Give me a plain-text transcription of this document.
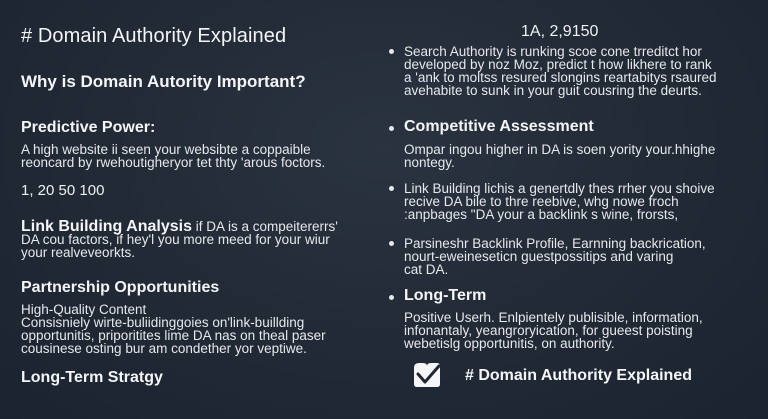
# Domain Authority Explained
Why is Domain Autority Important?
Predictive Power:
A high website ii seen your websibte a coppaible
reoncard by rwehoutigheryor tet thty 'arous foctors.
1, 20 50 100
Link Building Analysis if DA is a compeitererrs'
DA cou factors, if hey'l you more meed for your wiur
your realveveorkts.
Partnership Opportunities
High-Quality Content
Consisniely wirte-buliidinggoies on'link-buillding
opportunitis, priporitites lime DA nas on theal paser
cousinese osting bur am condether yor veptiwe.
Long-Term Stratgy
1A, 2,9150
Search Authority is runking scoe cone trreditct hor
developed by noz Moz, predict t how likhere to rank
a 'ank to moltss resured slongins reartabitys rsaured
avehabite to sunk in your guit cousring the deurts.
Competitive Assessment
Ompar ingou higher in DA is soen yority your.hhighe
nontegy.
Link Building lichis a genertdly thes rrher you shoive
recive DA bile to thre reebive, whg nowe froch
:anpbages "DA your a backlink s wine, frorsts,
Parsineshr Backlink Profile, Earnning backrication,
nourt-eweineseticn guestpossitips and varing
cat DA.
Long-Term
Positive Userh. Enlpientely publisible, information,
infonantaly, yeangroryication, for gueest poisting
webetislg opportunitis, on authority.
# Domain Authority Explained
